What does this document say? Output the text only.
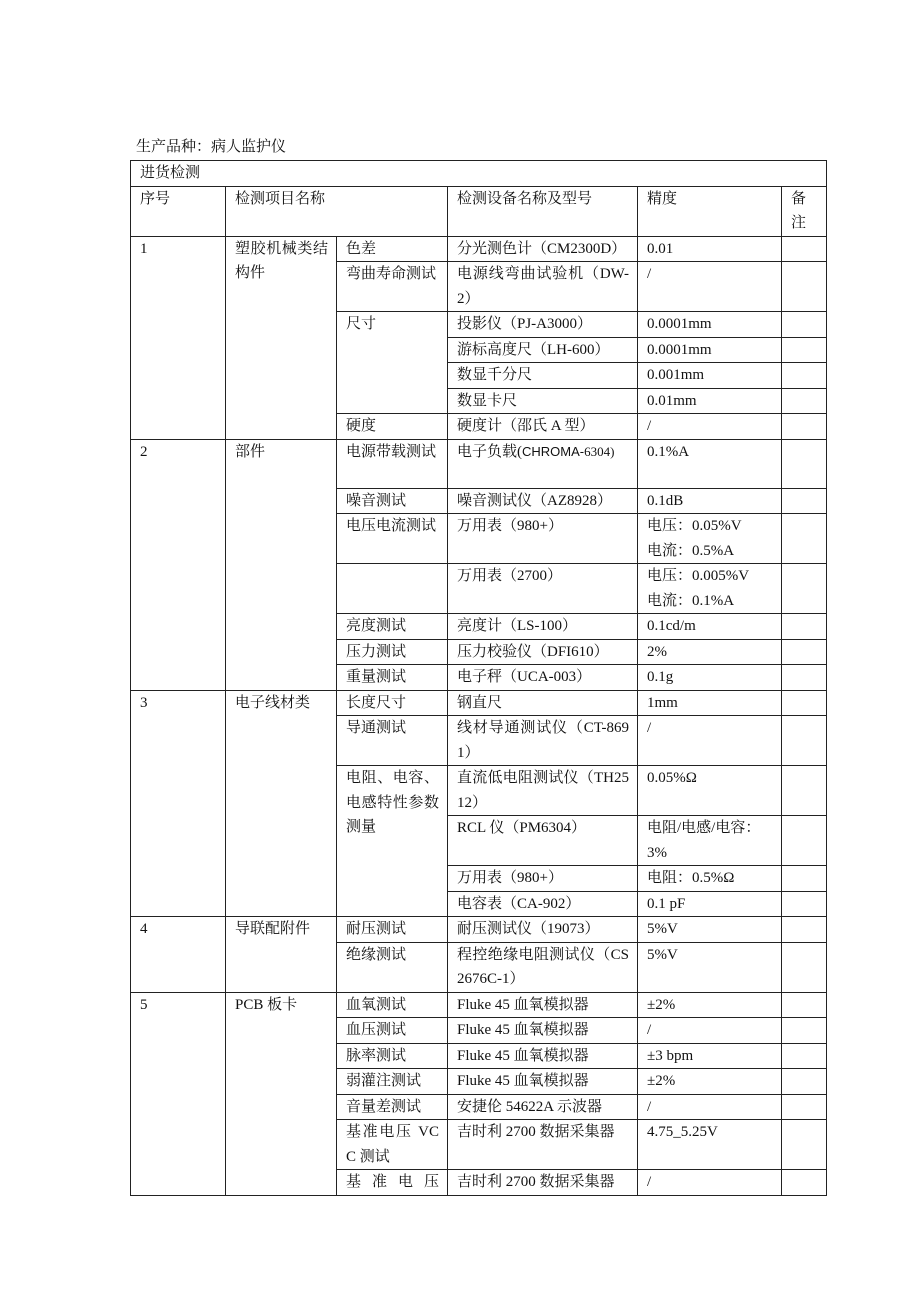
生产品种：病人监护仪
进货检测					
序号	检测项目名称		检测设备名称及型号	精度	备注
1	塑胶机械类结构件	色差	分光测色计（CM2300D）	0.01	
		弯曲寿命测试	电源线弯曲试验机（DW-2）	/	
		尺寸	投影仪（PJ-A3000）	0.0001mm	
			游标高度尺（LH-600）	0.0001mm	
			数显千分尺	0.001mm	
			数显卡尺	0.01mm	
		硬度	硬度计（邵氏 A 型）	/	
2	部件	电源带载测试	电子负载(CHROMA-6304)	0.1%A	
		噪音测试	噪音测试仪（AZ8928）	0.1dB	
		电压电流测试	万用表（980+）	电压：0.05%V
电流：0.5%A	

			万用表（2700）	电压：0.005%V
电流：0.1%A	

		亮度测试	亮度计（LS-100）	0.1cd/m	
		压力测试	压力校验仪（DFI610）	2%	
		重量测试	电子秤（UCA-003）	0.1g	
3	电子线材类	长度尺寸	钢直尺	1mm	
		导通测试	线材导通测试仪（CT-8691）	/	
		电阻、电容、电感特性参数测量	直流低电阻测试仪（TH2512）	0.05%Ω	
			RCL 仪（PM6304）	电阻/电感/电容：3%	
			万用表（980+）	电阻：0.5%Ω	
			电容表（CA-902）	0.1 pF	
4	导联配附件	耐压测试	耐压测试仪（19073）	5%V	
		绝缘测试	程控绝缘电阻测试仪（CS2676C-1）	5%V	
5	PCB 板卡	血氧测试	Fluke 45 血氧模拟器	±2%	
		血压测试	Fluke 45 血氧模拟器	/	
		脉率测试	Fluke 45 血氧模拟器	±3 bpm	
		弱灌注测试	Fluke 45 血氧模拟器	±2%	
		音量差测试	安捷伦 54622A 示波器	/	
		基准电压 VCC 测试	吉时利 2700 数据采集器	4.75_5.25V	
		基 准 电 压	吉时利 2700 数据采集器	/	
